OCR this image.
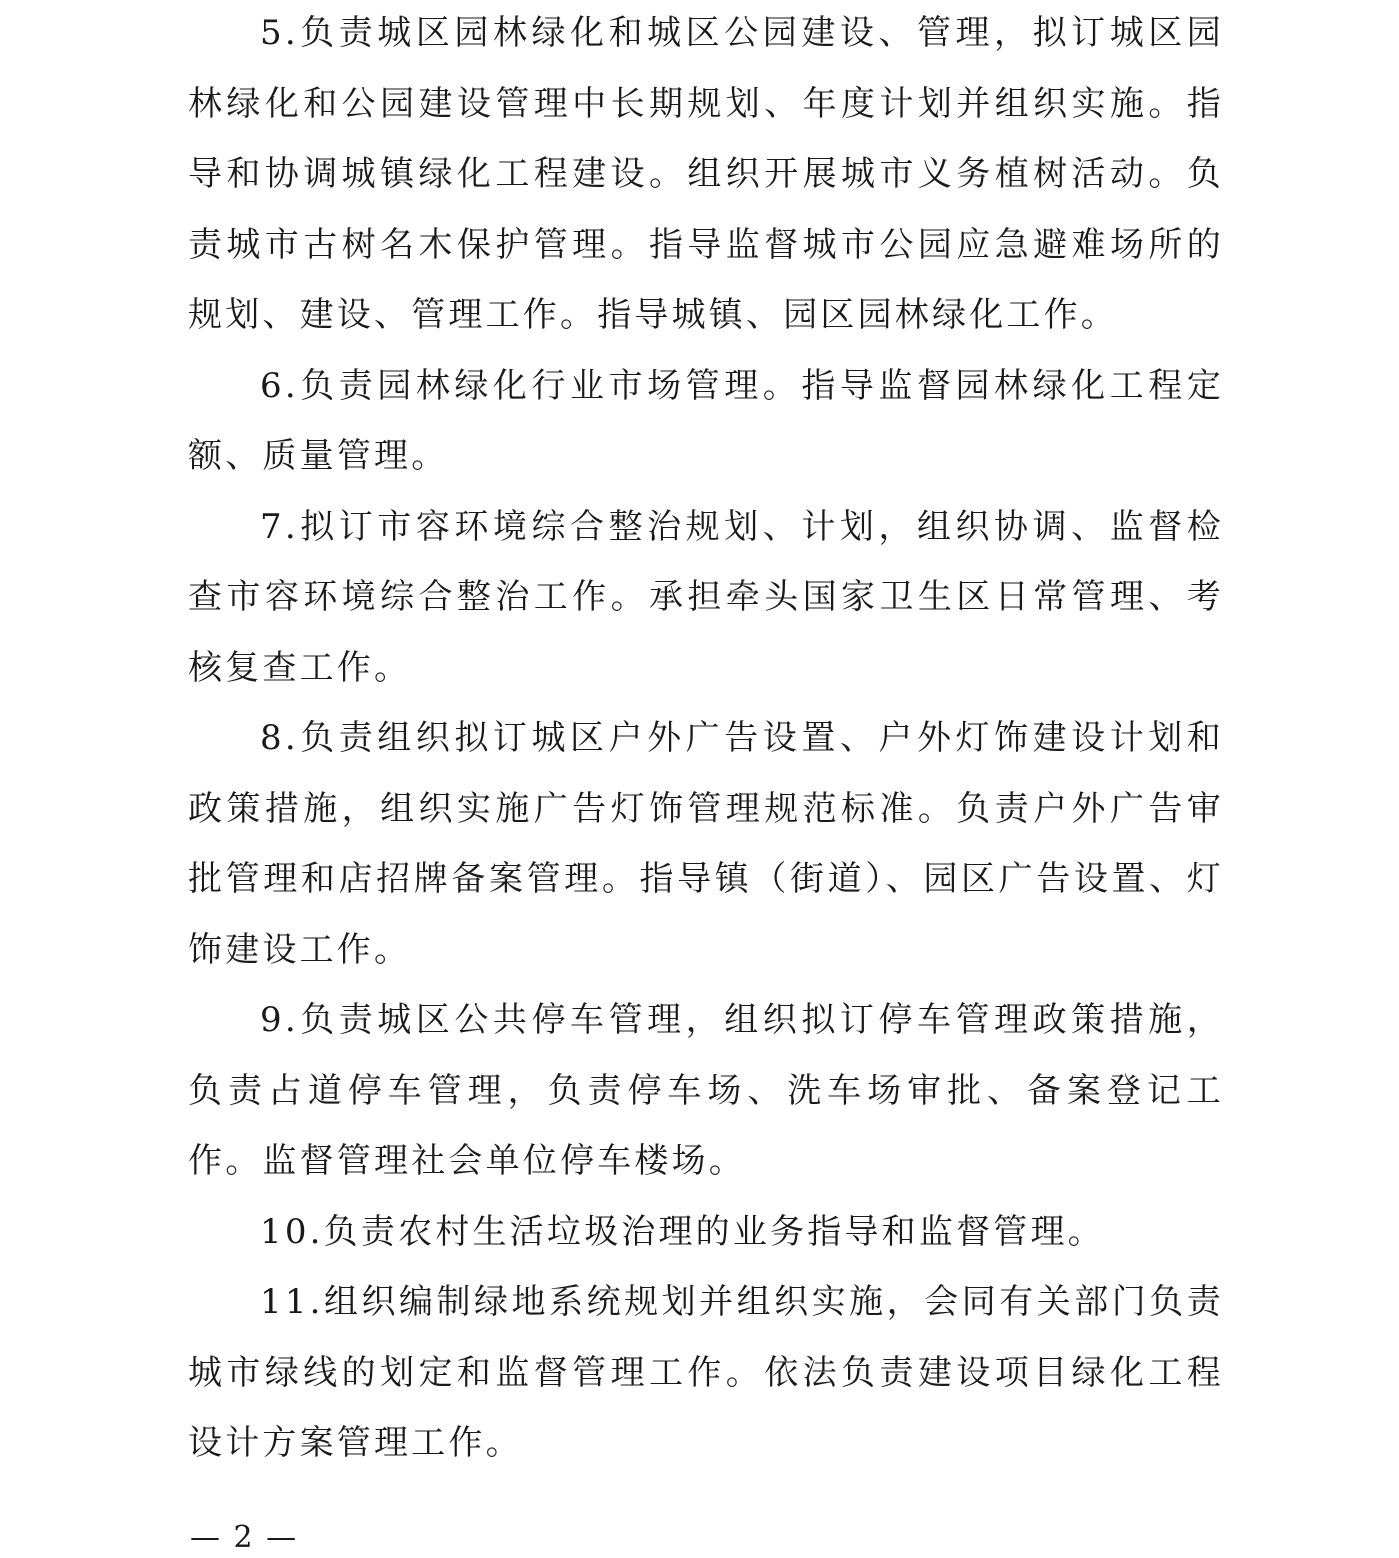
5.负责城区园林绿化和城区公园建设、管理，拟订城区园林绿化和公园建设管理中长期规划、年度计划并组织实施。指导和协调城镇绿化工程建设。组织开展城市义务植树活动。负责城市古树名木保护管理。指导监督城市公园应急避难场所的规划、建设、管理工作。指导城镇、园区园林绿化工作。

6.负责园林绿化行业市场管理。指导监督园林绿化工程定额、质量管理。

7.拟订市容环境综合整治规划、计划，组织协调、监督检查市容环境综合整治工作。承担牵头国家卫生区日常管理、考核复查工作。

8.负责组织拟订城区户外广告设置、户外灯饰建设计划和政策措施，组织实施广告灯饰管理规范标准。负责户外广告审批管理和店招牌备案管理。指导镇（街道）、园区广告设置、灯饰建设工作。

9.负责城区公共停车管理，组织拟订停车管理政策措施，负责占道停车管理，负责停车场、洗车场审批、备案登记工作。监督管理社会单位停车楼场。

10.负责农村生活垃圾治理的业务指导和监督管理。

11.组织编制绿地系统规划并组织实施，会同有关部门负责城市绿线的划定和监督管理工作。依法负责建设项目绿化工程设计方案管理工作。

— 2 —
